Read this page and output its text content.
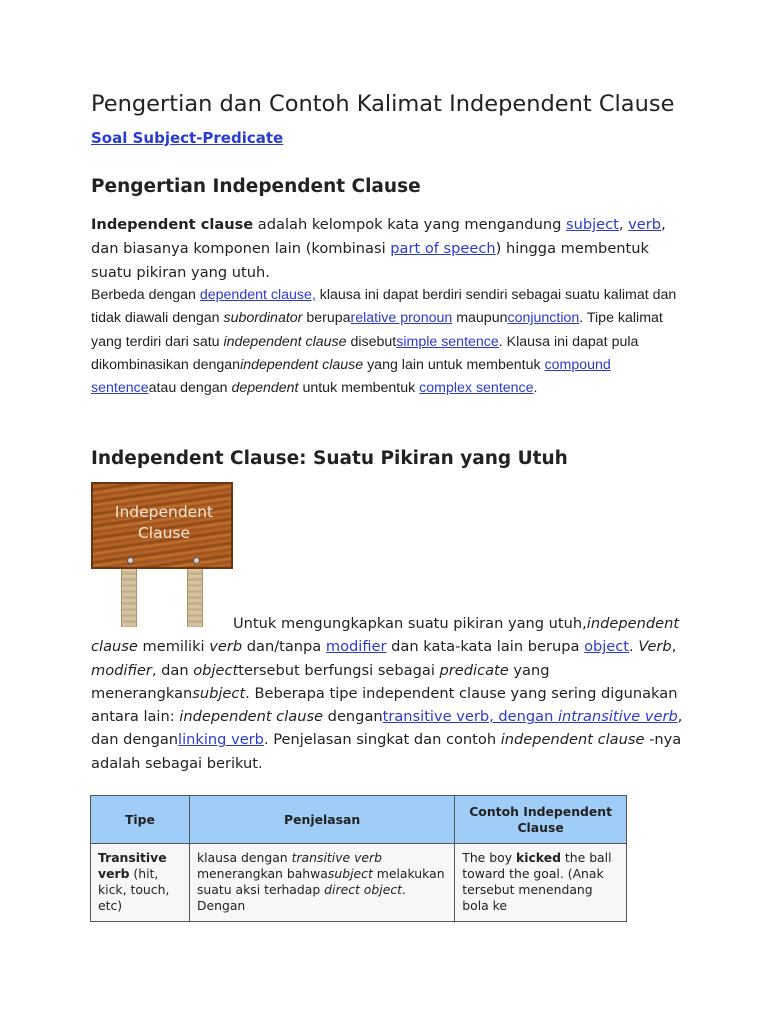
Pengertian dan Contoh Kalimat Independent Clause
Soal Subject-Predicate
Pengertian Independent Clause
Independent clause adalah kelompok kata yang mengandung subject, verb, dan biasanya komponen lain (kombinasi part of speech) hingga membentuk suatu pikiran yang utuh.
Berbeda dengan dependent clause, klausa ini dapat berdiri sendiri sebagai suatu kalimat dan tidak diawali dengan subordinator beruparelative pronoun maupunconjunction. Tipe kalimat yang terdiri dari satu independent clause disebutsimple sentence. Klausa ini dapat pula dikombinasikan denganindependent clause yang lain untuk membentuk compound sentenceatau dengan dependent untuk membentuk complex sentence.
Independent Clause: Suatu Pikiran yang Utuh
Independent
Clause
Untuk mengungkapkan suatu pikiran yang utuh,independent clause memiliki verb dan/tanpa modifier dan kata-kata lain berupa object. Verb, modifier, dan objecttersebut berfungsi sebagai predicate yang menerangkansubject. Beberapa tipe independent clause yang sering digunakan antara lain: independent clause dengantransitive verb, dengan intransitive verb, dan denganlinking verb. Penjelasan singkat dan contoh independent clause -nya adalah sebagai berikut.
Tipe	Penjelasan	Contoh Independent Clause
Transitive verb (hit, kick, touch, etc)	klausa dengan transitive verb menerangkan bahwasubject melakukan suatu aksi terhadap direct object. Dengan	The boy kicked the ball toward the goal. (Anak tersebut menendang bola ke
